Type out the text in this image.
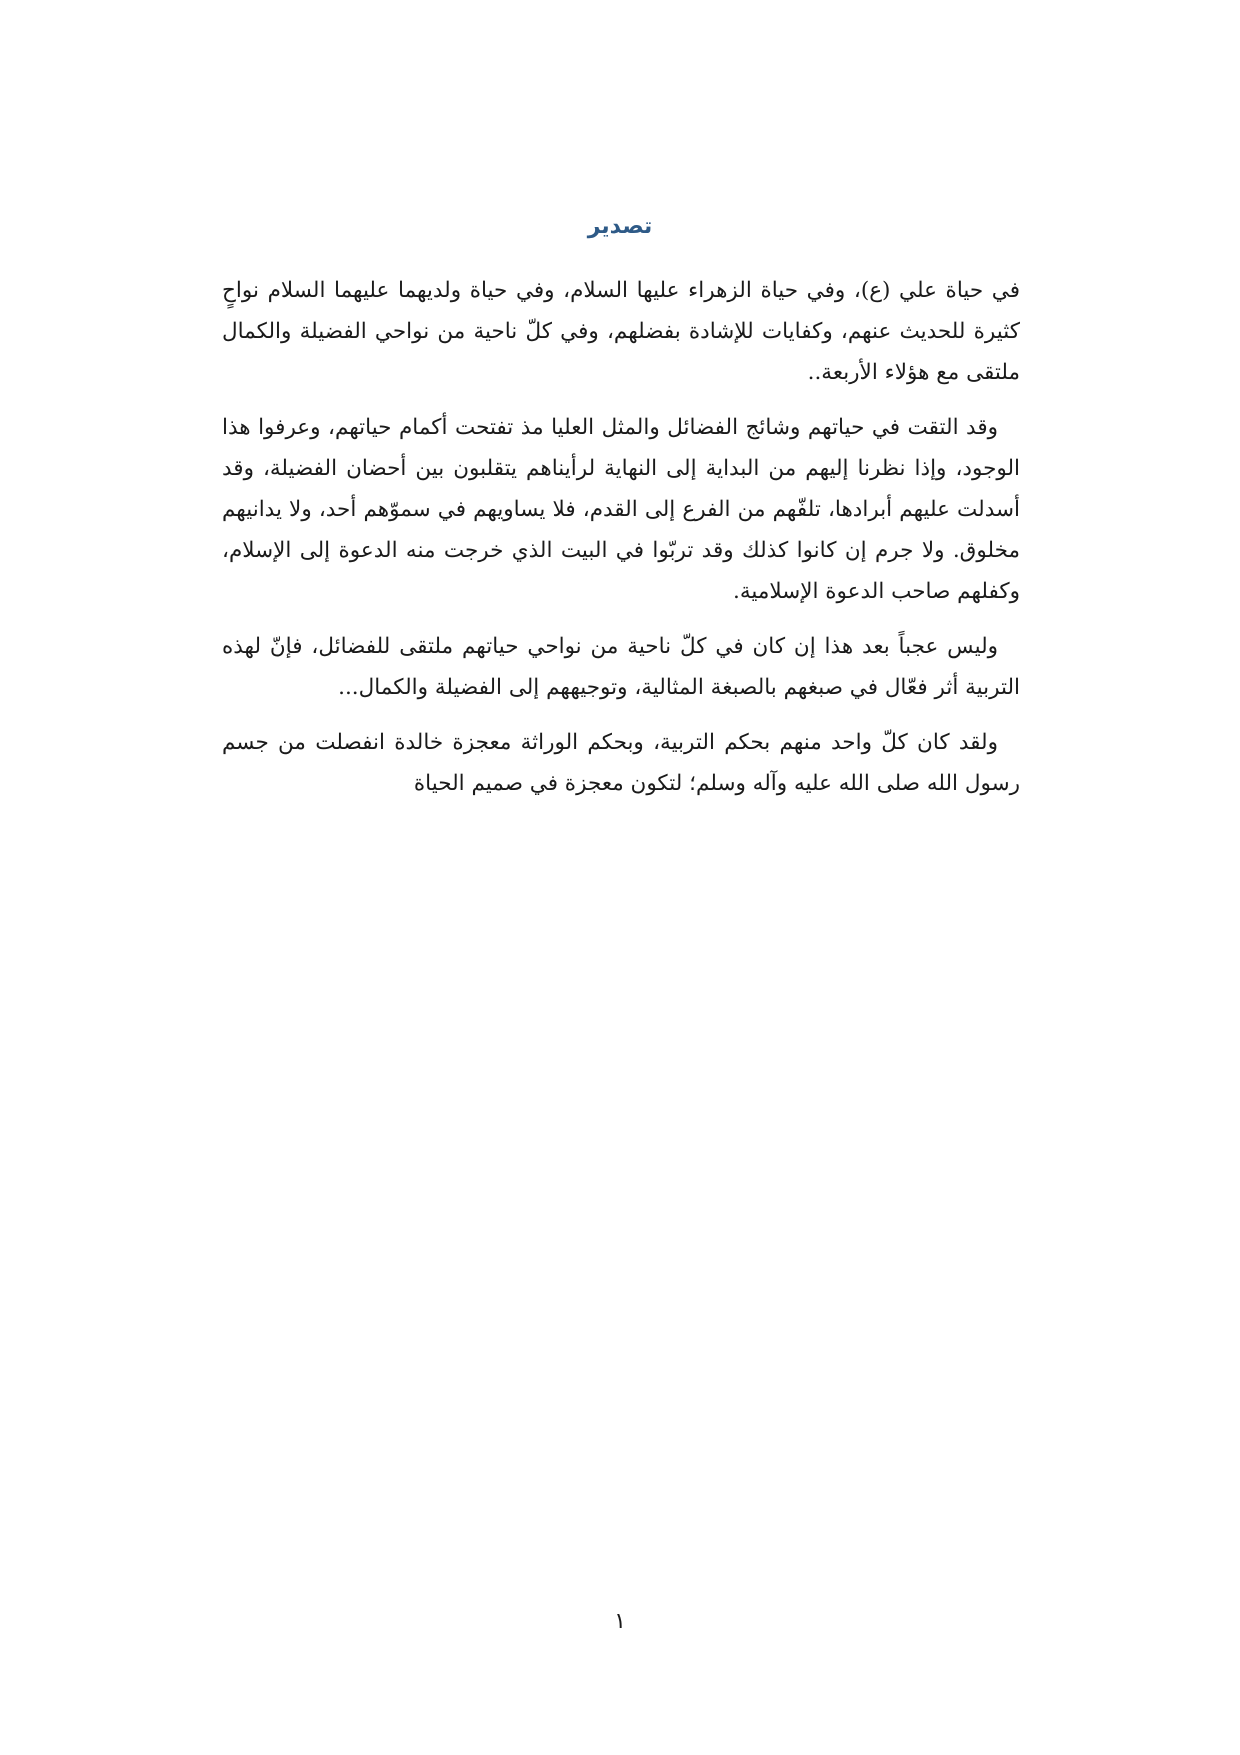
تصدير

في حياة علي (ع)، وفي حياة الزهراء عليها السلام، وفي حياة ولديهما عليهما السلام نواحٍ كثيرة للحديث عنهم، وكفايات للإشادة بفضلهم، وفي كلّ ناحية من نواحي الفضيلة والكمال ملتقى مع هؤلاء الأربعة..

وقد التقت في حياتهم وشائج الفضائل والمثل العليا مذ تفتحت أكمام حياتهم، وعرفوا هذا الوجود، وإذا نظرنا إليهم من البداية إلى النهاية لرأيناهم يتقلبون بين أحضان الفضيلة، وقد أسدلت عليهم أبرادها، تلفّهم من الفرع إلى القدم، فلا يساويهم في سموّهم أحد، ولا يدانيهم مخلوق. ولا جرم إن كانوا كذلك وقد تربّوا في البيت الذي خرجت منه الدعوة إلى الإسلام، وكفلهم صاحب الدعوة الإسلامية.

وليس عجباً بعد هذا إن كان في كلّ ناحية من نواحي حياتهم ملتقى للفضائل، فإنّ لهذه التربية أثر فعّال في صبغهم بالصبغة المثالية، وتوجيههم إلى الفضيلة والكمال...

ولقد كان كلّ واحد منهم بحكم التربية، وبحكم الوراثة معجزة خالدة انفصلت من جسم رسول الله صلى الله عليه وآله وسلم؛ لتكون معجزة في صميم الحياة

١
